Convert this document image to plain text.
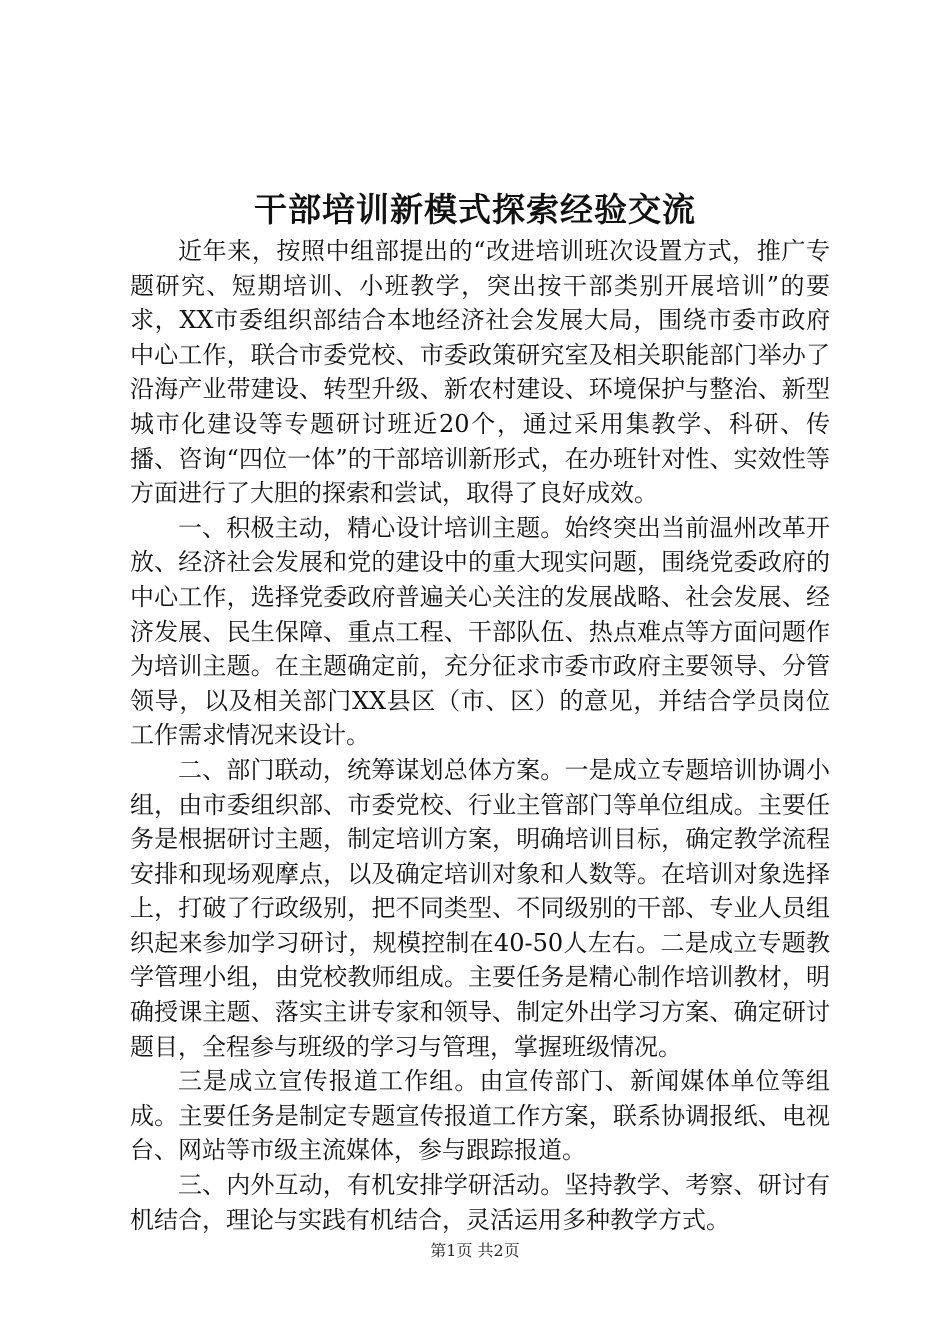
干部培训新模式探索经验交流

近年来，按照中组部提出的“改进培训班次设置方式，推广专题研究、短期培训、小班教学，突出按干部类别开展培训”的要求，XX市委组织部结合本地经济社会发展大局，围绕市委市政府中心工作，联合市委党校、市委政策研究室及相关职能部门举办了沿海产业带建设、转型升级、新农村建设、环境保护与整治、新型城市化建设等专题研讨班近20个，通过采用集教学、科研、传播、咨询“四位一体”的干部培训新形式，在办班针对性、实效性等方面进行了大胆的探索和尝试，取得了良好成效。

一、积极主动，精心设计培训主题。始终突出当前温州改革开放、经济社会发展和党的建设中的重大现实问题，围绕党委政府的中心工作，选择党委政府普遍关心关注的发展战略、社会发展、经济发展、民生保障、重点工程、干部队伍、热点难点等方面问题作为培训主题。在主题确定前，充分征求市委市政府主要领导、分管领导，以及相关部门XX县区（市、区）的意见，并结合学员岗位工作需求情况来设计。

二、部门联动，统筹谋划总体方案。一是成立专题培训协调小组，由市委组织部、市委党校、行业主管部门等单位组成。主要任务是根据研讨主题，制定培训方案，明确培训目标，确定教学流程安排和现场观摩点，以及确定培训对象和人数等。在培训对象选择上，打破了行政级别，把不同类型、不同级别的干部、专业人员组织起来参加学习研讨，规模控制在40-50人左右。二是成立专题教学管理小组，由党校教师组成。主要任务是精心制作培训教材，明确授课主题、落实主讲专家和领导、制定外出学习方案、确定研讨题目，全程参与班级的学习与管理，掌握班级情况。

三是成立宣传报道工作组。由宣传部门、新闻媒体单位等组成。主要任务是制定专题宣传报道工作方案，联系协调报纸、电视台、网站等市级主流媒体，参与跟踪报道。

三、内外互动，有机安排学研活动。坚持教学、考察、研讨有机结合，理论与实践有机结合，灵活运用多种教学方式。

第1页 共2页
